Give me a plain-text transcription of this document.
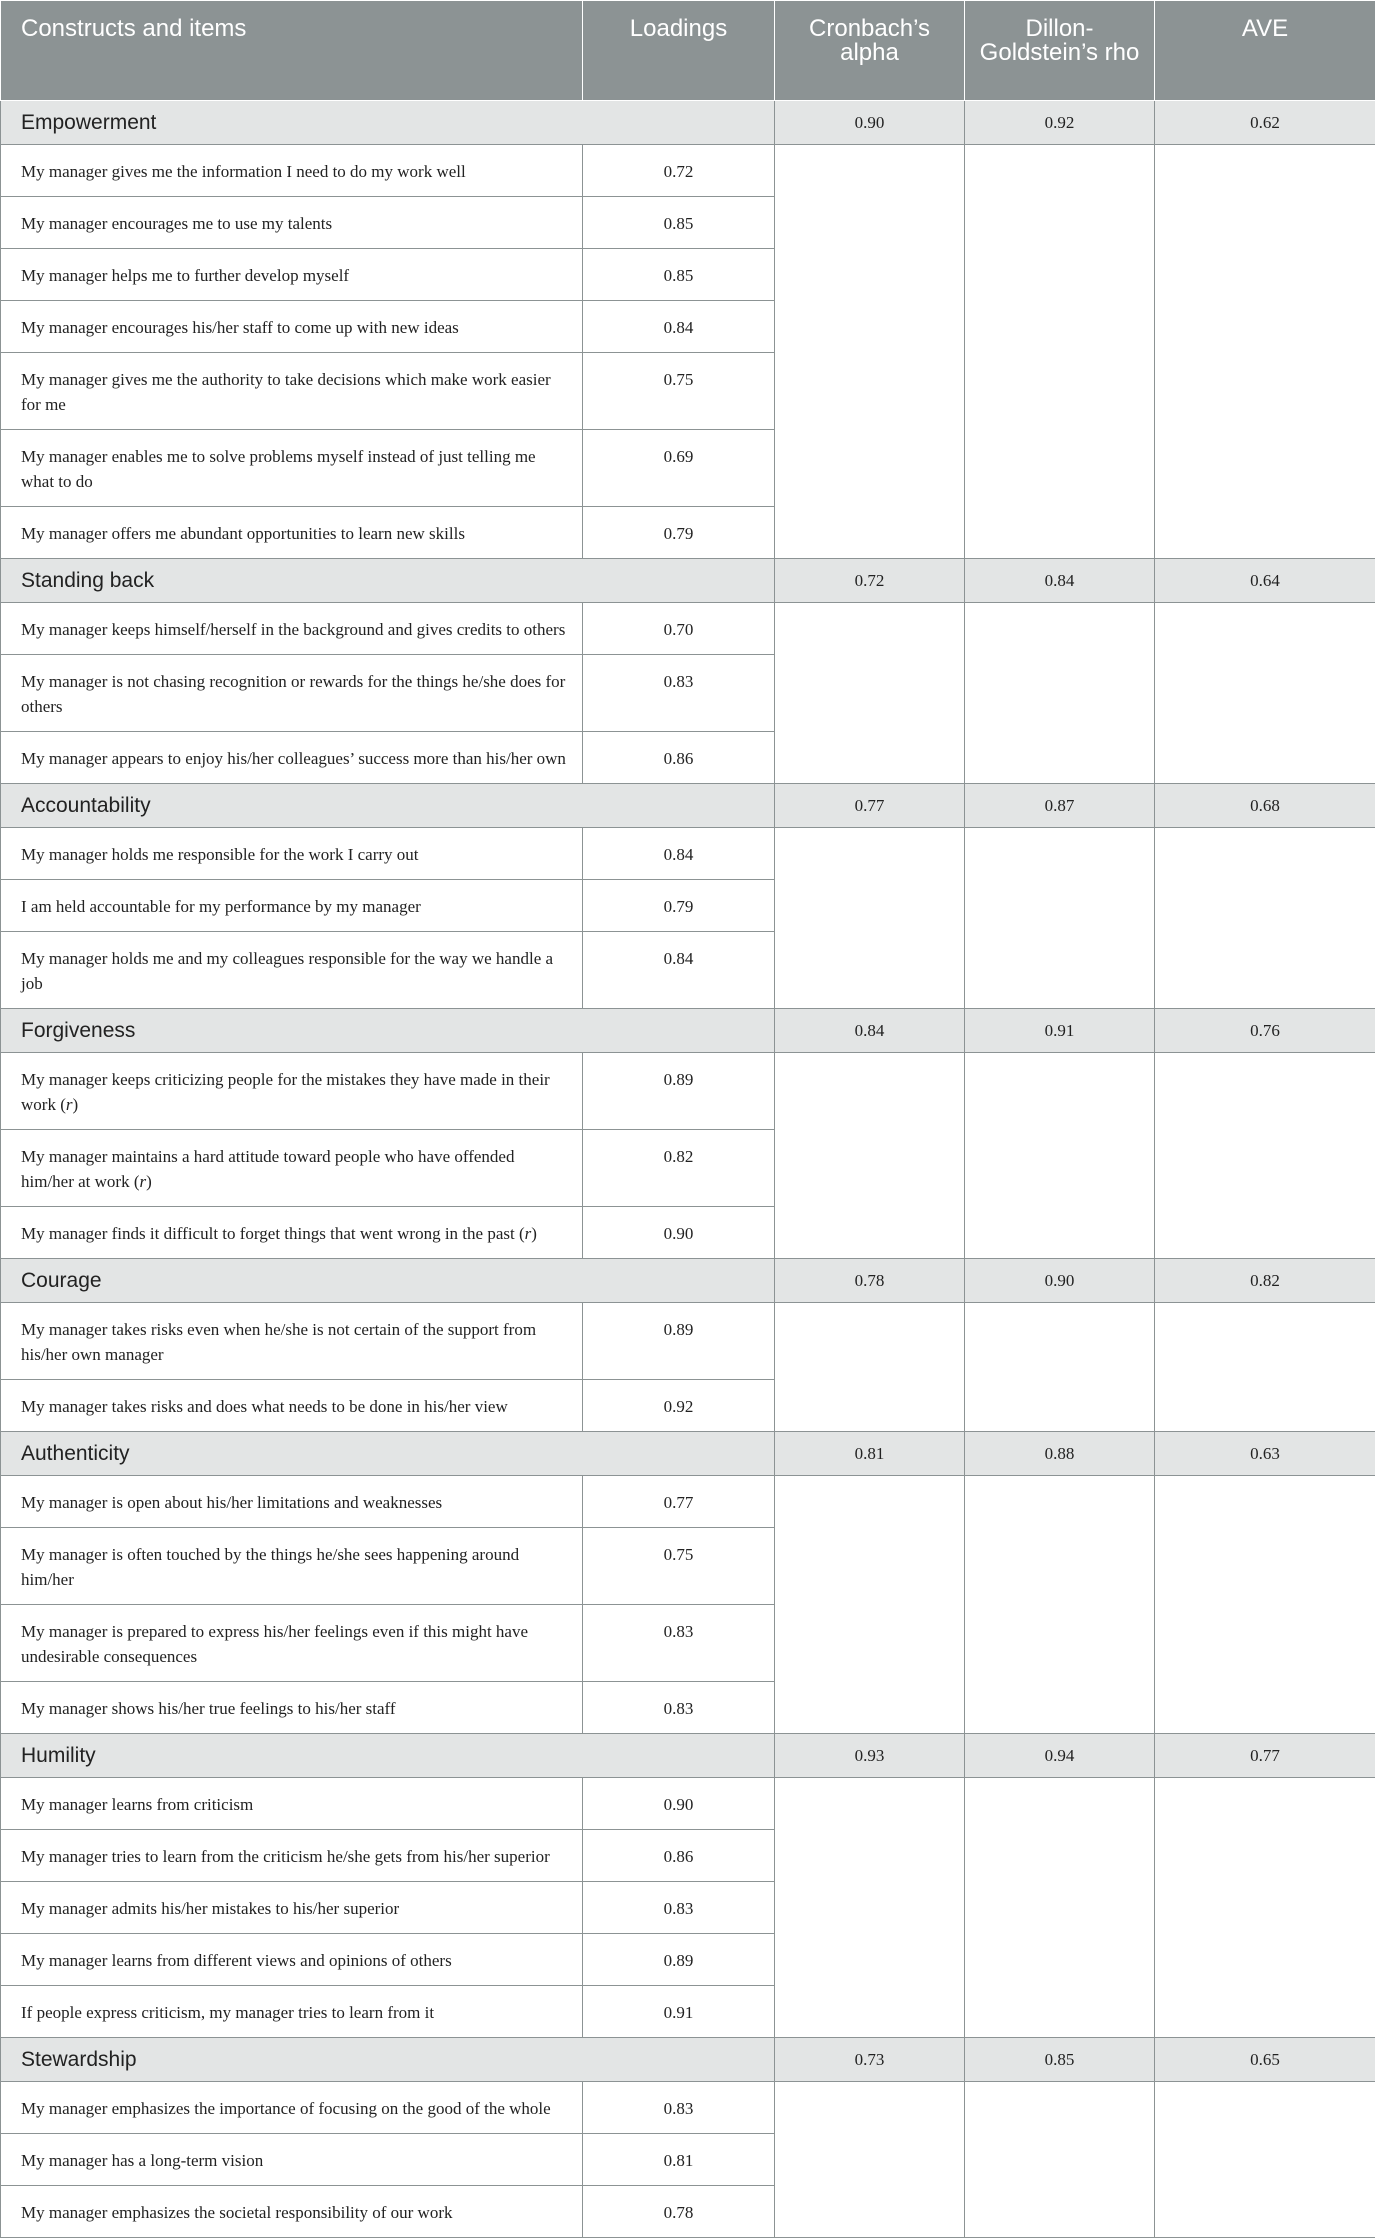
Constructs and items	Loadings	Cronbach’s alpha	Dillon-Goldstein’s rho	AVE
Empowerment		0.90	0.92	0.62
My manager gives me the information I need to do my work well	0.72			
My manager encourages me to use my talents	0.85			
My manager helps me to further develop myself	0.85			
My manager encourages his/her staff to come up with new ideas	0.84			
My manager gives me the authority to take decisions which make work easier for me	0.75			
My manager enables me to solve problems myself instead of just telling me what to do	0.69			
My manager offers me abundant opportunities to learn new skills	0.79			
Standing back		0.72	0.84	0.64
My manager keeps himself/herself in the background and gives credits to others	0.70			
My manager is not chasing recognition or rewards for the things he/she does for others	0.83			
My manager appears to enjoy his/her colleagues’ success more than his/her own	0.86			
Accountability		0.77	0.87	0.68
My manager holds me responsible for the work I carry out	0.84			
I am held accountable for my performance by my manager	0.79			
My manager holds me and my colleagues responsible for the way we handle a job	0.84			
Forgiveness		0.84	0.91	0.76
My manager keeps criticizing people for the mistakes they have made in their work (r)	0.89			
My manager maintains a hard attitude toward people who have offended him/her at work (r)	0.82			
My manager finds it difficult to forget things that went wrong in the past (r)	0.90			
Courage		0.78	0.90	0.82
My manager takes risks even when he/she is not certain of the support from his/her own manager	0.89			
My manager takes risks and does what needs to be done in his/her view	0.92			
Authenticity		0.81	0.88	0.63
My manager is open about his/her limitations and weaknesses	0.77			
My manager is often touched by the things he/she sees happening around him/her	0.75			
My manager is prepared to express his/her feelings even if this might have undesirable consequences	0.83			
My manager shows his/her true feelings to his/her staff	0.83			
Humility		0.93	0.94	0.77
My manager learns from criticism	0.90			
My manager tries to learn from the criticism he/she gets from his/her superior	0.86			
My manager admits his/her mistakes to his/her superior	0.83			
My manager learns from different views and opinions of others	0.89			
If people express criticism, my manager tries to learn from it	0.91			
Stewardship		0.73	0.85	0.65
My manager emphasizes the importance of focusing on the good of the whole	0.83			
My manager has a long-term vision	0.81			
My manager emphasizes the societal responsibility of our work	0.78			
